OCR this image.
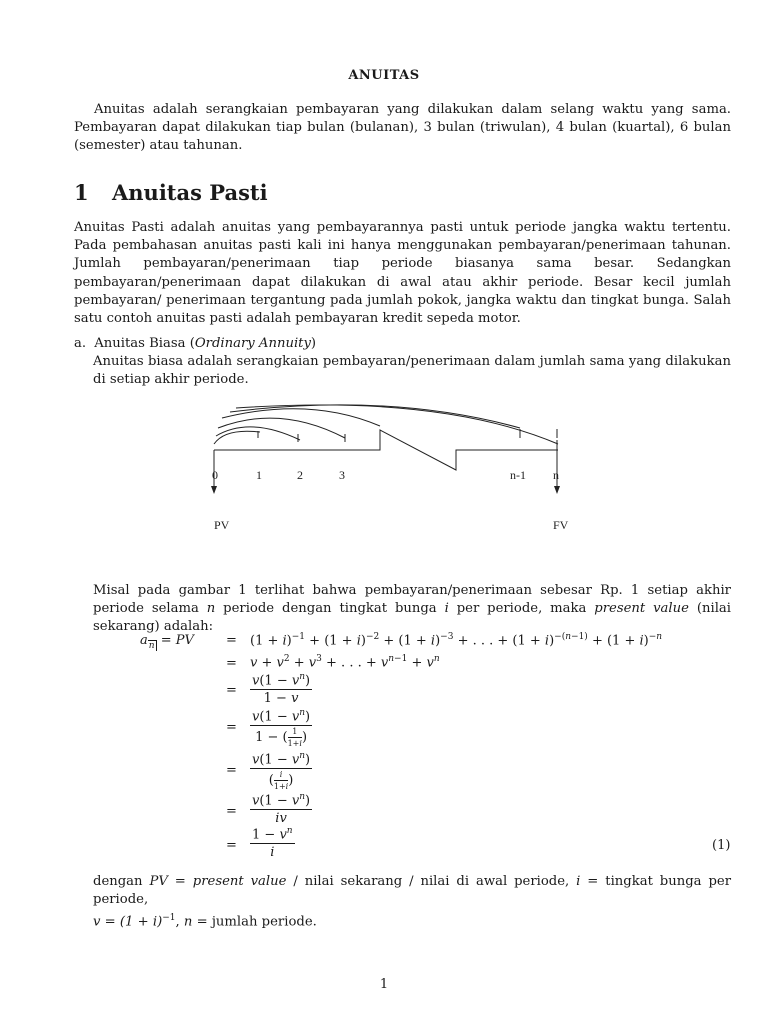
ANUITAS

Anuitas adalah serangkaian pembayaran yang dilakukan dalam selang waktu yang sama. Pembayaran dapat dilakukan tiap bulan (bulanan), 3 bulan (triwulan), 4 bulan (kuartal), 6 bulan (semester) atau tahunan.

1 Anuitas Pasti

Anuitas Pasti adalah anuitas yang pembayarannya pasti untuk periode jangka waktu tertentu. Pada pembahasan anuitas pasti kali ini hanya menggunakan pembayaran/penerimaan tahunan. Jumlah pembayaran/penerimaan tiap periode biasanya sama besar. Sedangkan pembayaran/penerimaan dapat dilakukan di awal atau akhir periode. Besar kecil jumlah pembayaran/ penerimaan tergantung pada jumlah pokok, jangka waktu dan tingkat bunga. Salah satu contoh anuitas pasti adalah pembayaran kredit sepeda motor.

a. Anuitas Biasa (Ordinary Annuity)

Anuitas biasa adalah serangkaian pembayaran/penerimaan dalam jumlah sama yang dilakukan di setiap akhir periode.

0	1	2	3	n-1 n
PV	FV

Misal pada gambar 1 terlihat bahwa pembayaran/penerimaan sebesar Rp. 1 setiap akhir periode selama n periode dengan tingkat bunga i per periode, maka present value (nilai sekarang) adalah:

$a_n$ = PV = $(1 + i)^{-1} + (1 + i)^{-2} + (1 + i)^{-3}$ + . . . + $(1 + i)^{-(n-1)} + (1 + i)^{-n}$
= $v + v^2 + v^3$ + . . . + $v^{n-1} + v^n$
= $\frac{v(1 - v^n)}{1 - v}$
= $\frac{v(1 - v^n)}{1 - ( \frac{1}{1+i} )}$
= $\frac{v(1 - v^n)}{( \frac{i}{1+i} )}$
= $\frac{v(1 - v^n)}{iv}$
= $\frac{1 - v^n}{i}$	(1)

dengan PV = present value / nilai sekarang / nilai di awal periode, i = tingkat bunga per periode,
$v = (1 + i)^{-1}$, n = jumlah periode.

1
